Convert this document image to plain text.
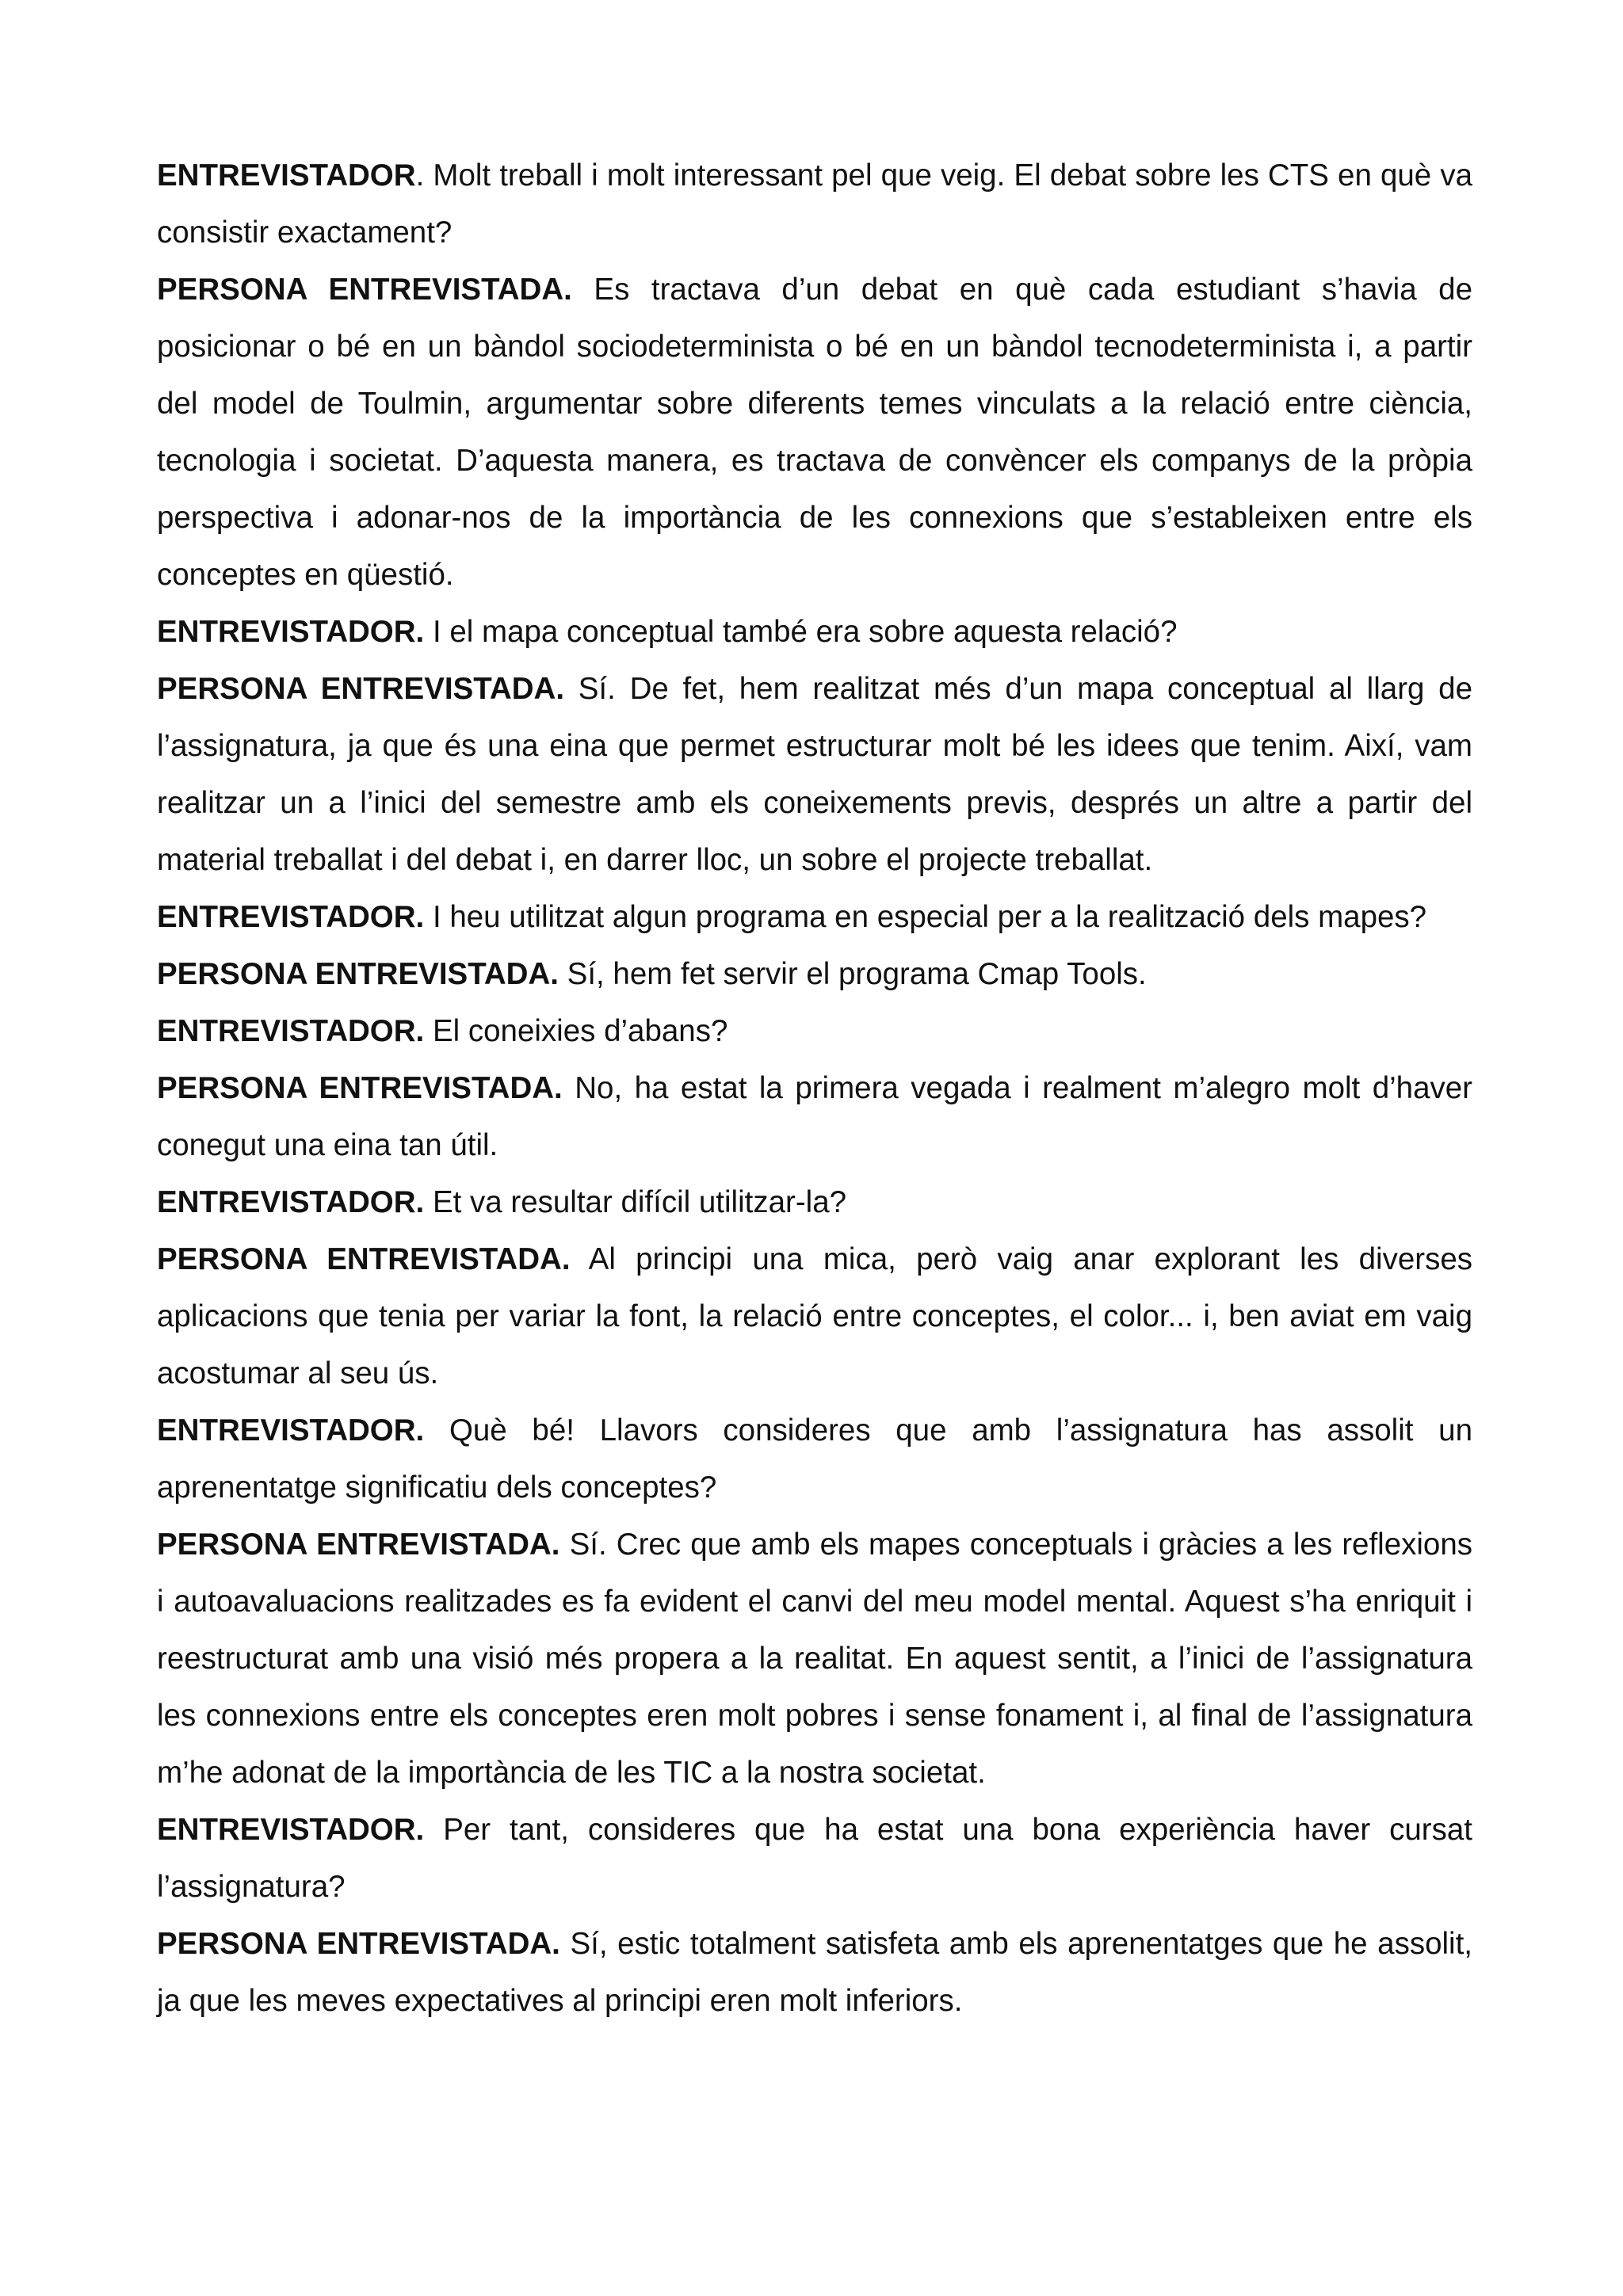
ENTREVISTADOR. Molt treball i molt interessant pel que veig. El debat sobre les CTS en què va consistir exactament?

PERSONA ENTREVISTADA. Es tractava d’un debat en què cada estudiant s’havia de posicionar o bé en un bàndol sociodeterminista o bé en un bàndol tecnodeterminista i, a partir del model de Toulmin, argumentar sobre diferents temes vinculats a la relació entre ciència, tecnologia i societat. D’aquesta manera, es tractava de convèncer els companys de la pròpia perspectiva i adonar-nos de la importància de les connexions que s’estableixen entre els conceptes en qüestió.

ENTREVISTADOR. I el mapa conceptual també era sobre aquesta relació?

PERSONA ENTREVISTADA. Sí. De fet, hem realitzat més d’un mapa conceptual al llarg de l’assignatura, ja que és una eina que permet estructurar molt bé les idees que tenim. Així, vam realitzar un a l’inici del semestre amb els coneixements previs, després un altre a partir del material treballat i del debat i, en darrer lloc, un sobre el projecte treballat.

ENTREVISTADOR. I heu utilitzat algun programa en especial per a la realització dels mapes?

PERSONA ENTREVISTADA. Sí, hem fet servir el programa Cmap Tools.

ENTREVISTADOR. El coneixies d’abans?

PERSONA ENTREVISTADA. No, ha estat la primera vegada i realment m’alegro molt d’haver conegut una eina tan útil.

ENTREVISTADOR. Et va resultar difícil utilitzar-la?

PERSONA ENTREVISTADA. Al principi una mica, però vaig anar explorant les diverses aplicacions que tenia per variar la font, la relació entre conceptes, el color... i, ben aviat em vaig acostumar al seu ús.

ENTREVISTADOR. Què bé! Llavors consideres que amb l’assignatura has assolit un aprenentatge significatiu dels conceptes?

PERSONA ENTREVISTADA. Sí. Crec que amb els mapes conceptuals i gràcies a les reflexions i autoavaluacions realitzades es fa evident el canvi del meu model mental. Aquest s’ha enriquit i reestructurat amb una visió més propera a la realitat. En aquest sentit, a l’inici de l’assignatura les connexions entre els conceptes eren molt pobres i sense fonament i, al final de l’assignatura m’he adonat de la importància de les TIC a la nostra societat.

ENTREVISTADOR. Per tant, consideres que ha estat una bona experiència haver cursat l’assignatura?

PERSONA ENTREVISTADA. Sí, estic totalment satisfeta amb els aprenentatges que he assolit, ja que les meves expectatives al principi eren molt inferiors.
